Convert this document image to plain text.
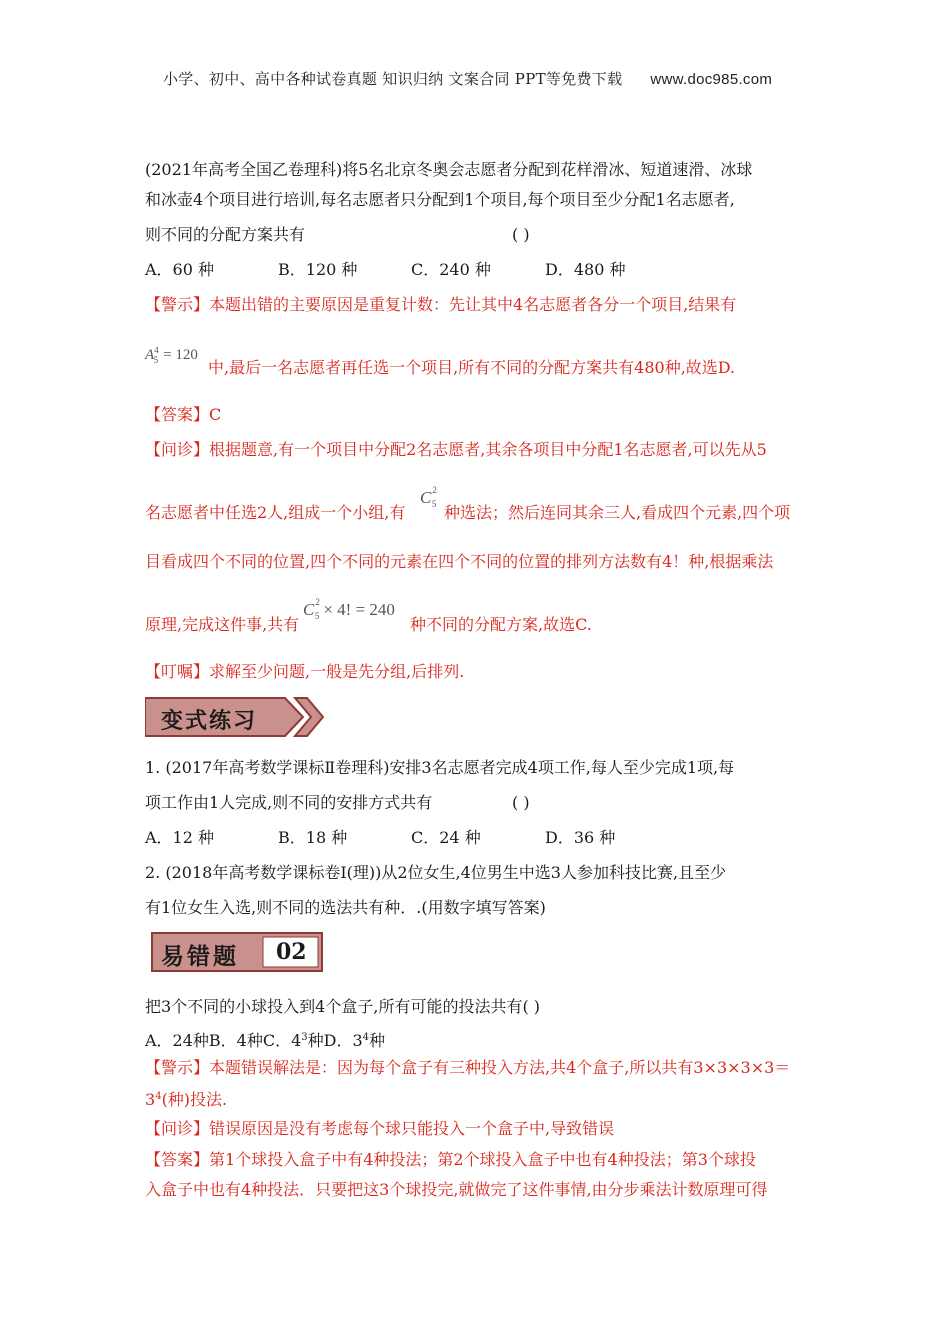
小学、初中、高中各种试卷真题 知识归纳 文案合同 PPT等免费下载 www.doc985.com
(2021年高考全国乙卷理科)将5名北京冬奥会志愿者分配到花样滑冰、短道速滑、冰球
和冰壶4个项目进行培训,每名志愿者只分配到1个项目,每个项目至少分配1名志愿者,
则不同的分配方案共有	( )
A．60 种	B．120 种	C．240 种	D．480 种
【警示】本题出错的主要原因是重复计数：先让其中4名志愿者各分一个项目,结果有
$A^4_5 = 120$
中,最后一名志愿者再任选一个项目,所有不同的分配方案共有480种,故选D.
【答案】C
【问诊】根据题意,有一个项目中分配2名志愿者,其余各项目中分配1名志愿者,可以先从5
名志愿者中任选2人,组成一个小组,有
$C^2_5$ 种选法；然后连同其余三人,看成四个元素,四个项
目看成四个不同的位置,四个不同的元素在四个不同的位置的排列方法数有4！种,根据乘法
原理,完成这件事,共有
$C^2_5 \times 4$! = 240
种不同的分配方案,故选C.
【叮嘱】求解至少问题,一般是先分组,后排列.
变式练习
1. (2017年高考数学课标Ⅱ卷理科)安排3名志愿者完成4项工作,每人至少完成1项,每
项工作由1人完成,则不同的安排方式共有	( )
A．12 种	B．18 种	C．24 种	D．36 种
2. (2018年高考数学课标卷Ⅰ(理))从2位女生,4位男生中选3人参加科技比赛,且至少
有1位女生入选,则不同的选法共有种．.(用数字填写答案)
易错题 02
把3个不同的小球投入到4个盒子,所有可能的投法共有( )
A．24种B．4种C．$4^3$种D．$3^4$种
【警示】本题错误解法是：因为每个盒子有三种投入方法,共4个盒子,所以共有3×3×3×3＝
$3^4$(种)投法.
【问诊】错误原因是没有考虑每个球只能投入一个盒子中,导致错误
【答案】第1个球投入盒子中有4种投法；第2个球投入盒子中也有4种投法；第3个球投
入盒子中也有4种投法．只要把这3个球投完,就做完了这件事情,由分步乘法计数原理可得
